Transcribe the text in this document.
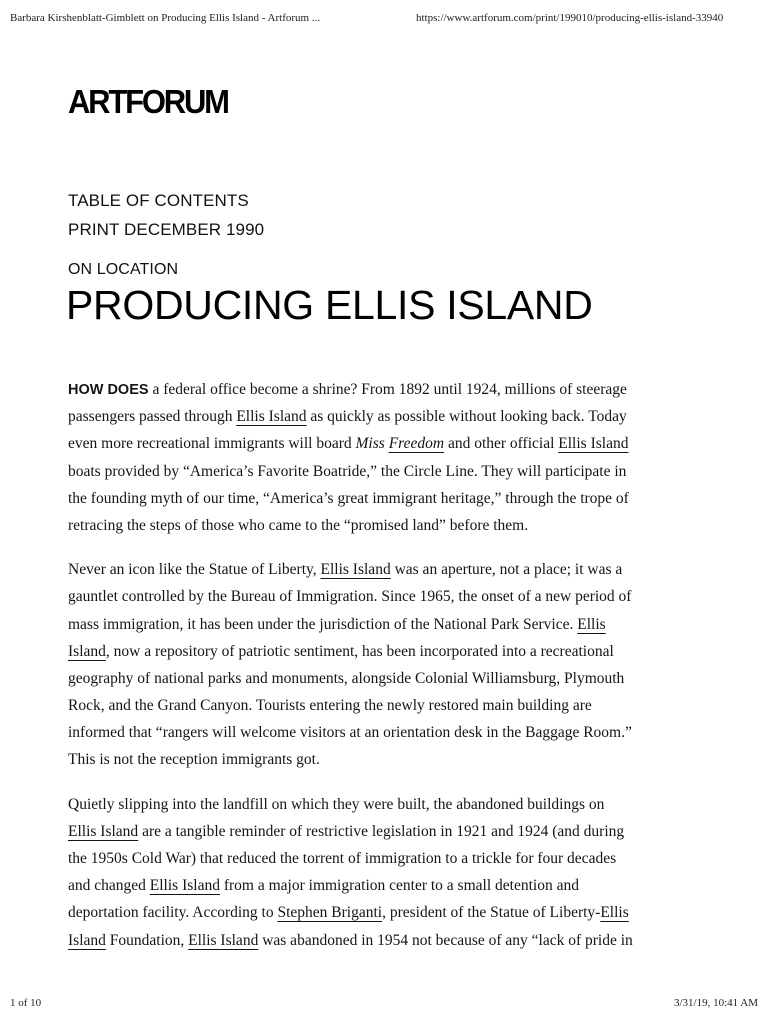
Barbara Kirshenblatt-Gimblett on Producing Ellis Island - Artforum ...	https://www.artforum.com/print/199010/producing-ellis-island-33940
ARTFORUM
TABLE OF CONTENTS
PRINT DECEMBER 1990
ON LOCATION
PRODUCING ELLIS ISLAND
HOW DOES a federal office become a shrine? From 1892 until 1924, millions of steerage
passengers passed through Ellis Island as quickly as possible without looking back. Today
even more recreational immigrants will board Miss Freedom and other official Ellis Island
boats provided by “America’s Favorite Boatride,” the Circle Line. They will participate in
the founding myth of our time, “America’s great immigrant heritage,” through the trope of
retracing the steps of those who came to the “promised land” before them.
Never an icon like the Statue of Liberty, Ellis Island was an aperture, not a place; it was a
gauntlet controlled by the Bureau of Immigration. Since 1965, the onset of a new period of
mass immigration, it has been under the jurisdiction of the National Park Service. Ellis
Island, now a repository of patriotic sentiment, has been incorporated into a recreational
geography of national parks and monuments, alongside Colonial Williamsburg, Plymouth
Rock, and the Grand Canyon. Tourists entering the newly restored main building are
informed that “rangers will welcome visitors at an orientation desk in the Baggage Room.”
This is not the reception immigrants got.
Quietly slipping into the landfill on which they were built, the abandoned buildings on
Ellis Island are a tangible reminder of restrictive legislation in 1921 and 1924 (and during
the 1950s Cold War) that reduced the torrent of immigration to a trickle for four decades
and changed Ellis Island from a major immigration center to a small detention and
deportation facility. According to Stephen Briganti, president of the Statue of Liberty-Ellis
Island Foundation, Ellis Island was abandoned in 1954 not because of any “lack of pride in
1 of 10	3/31/19, 10:41 AM
